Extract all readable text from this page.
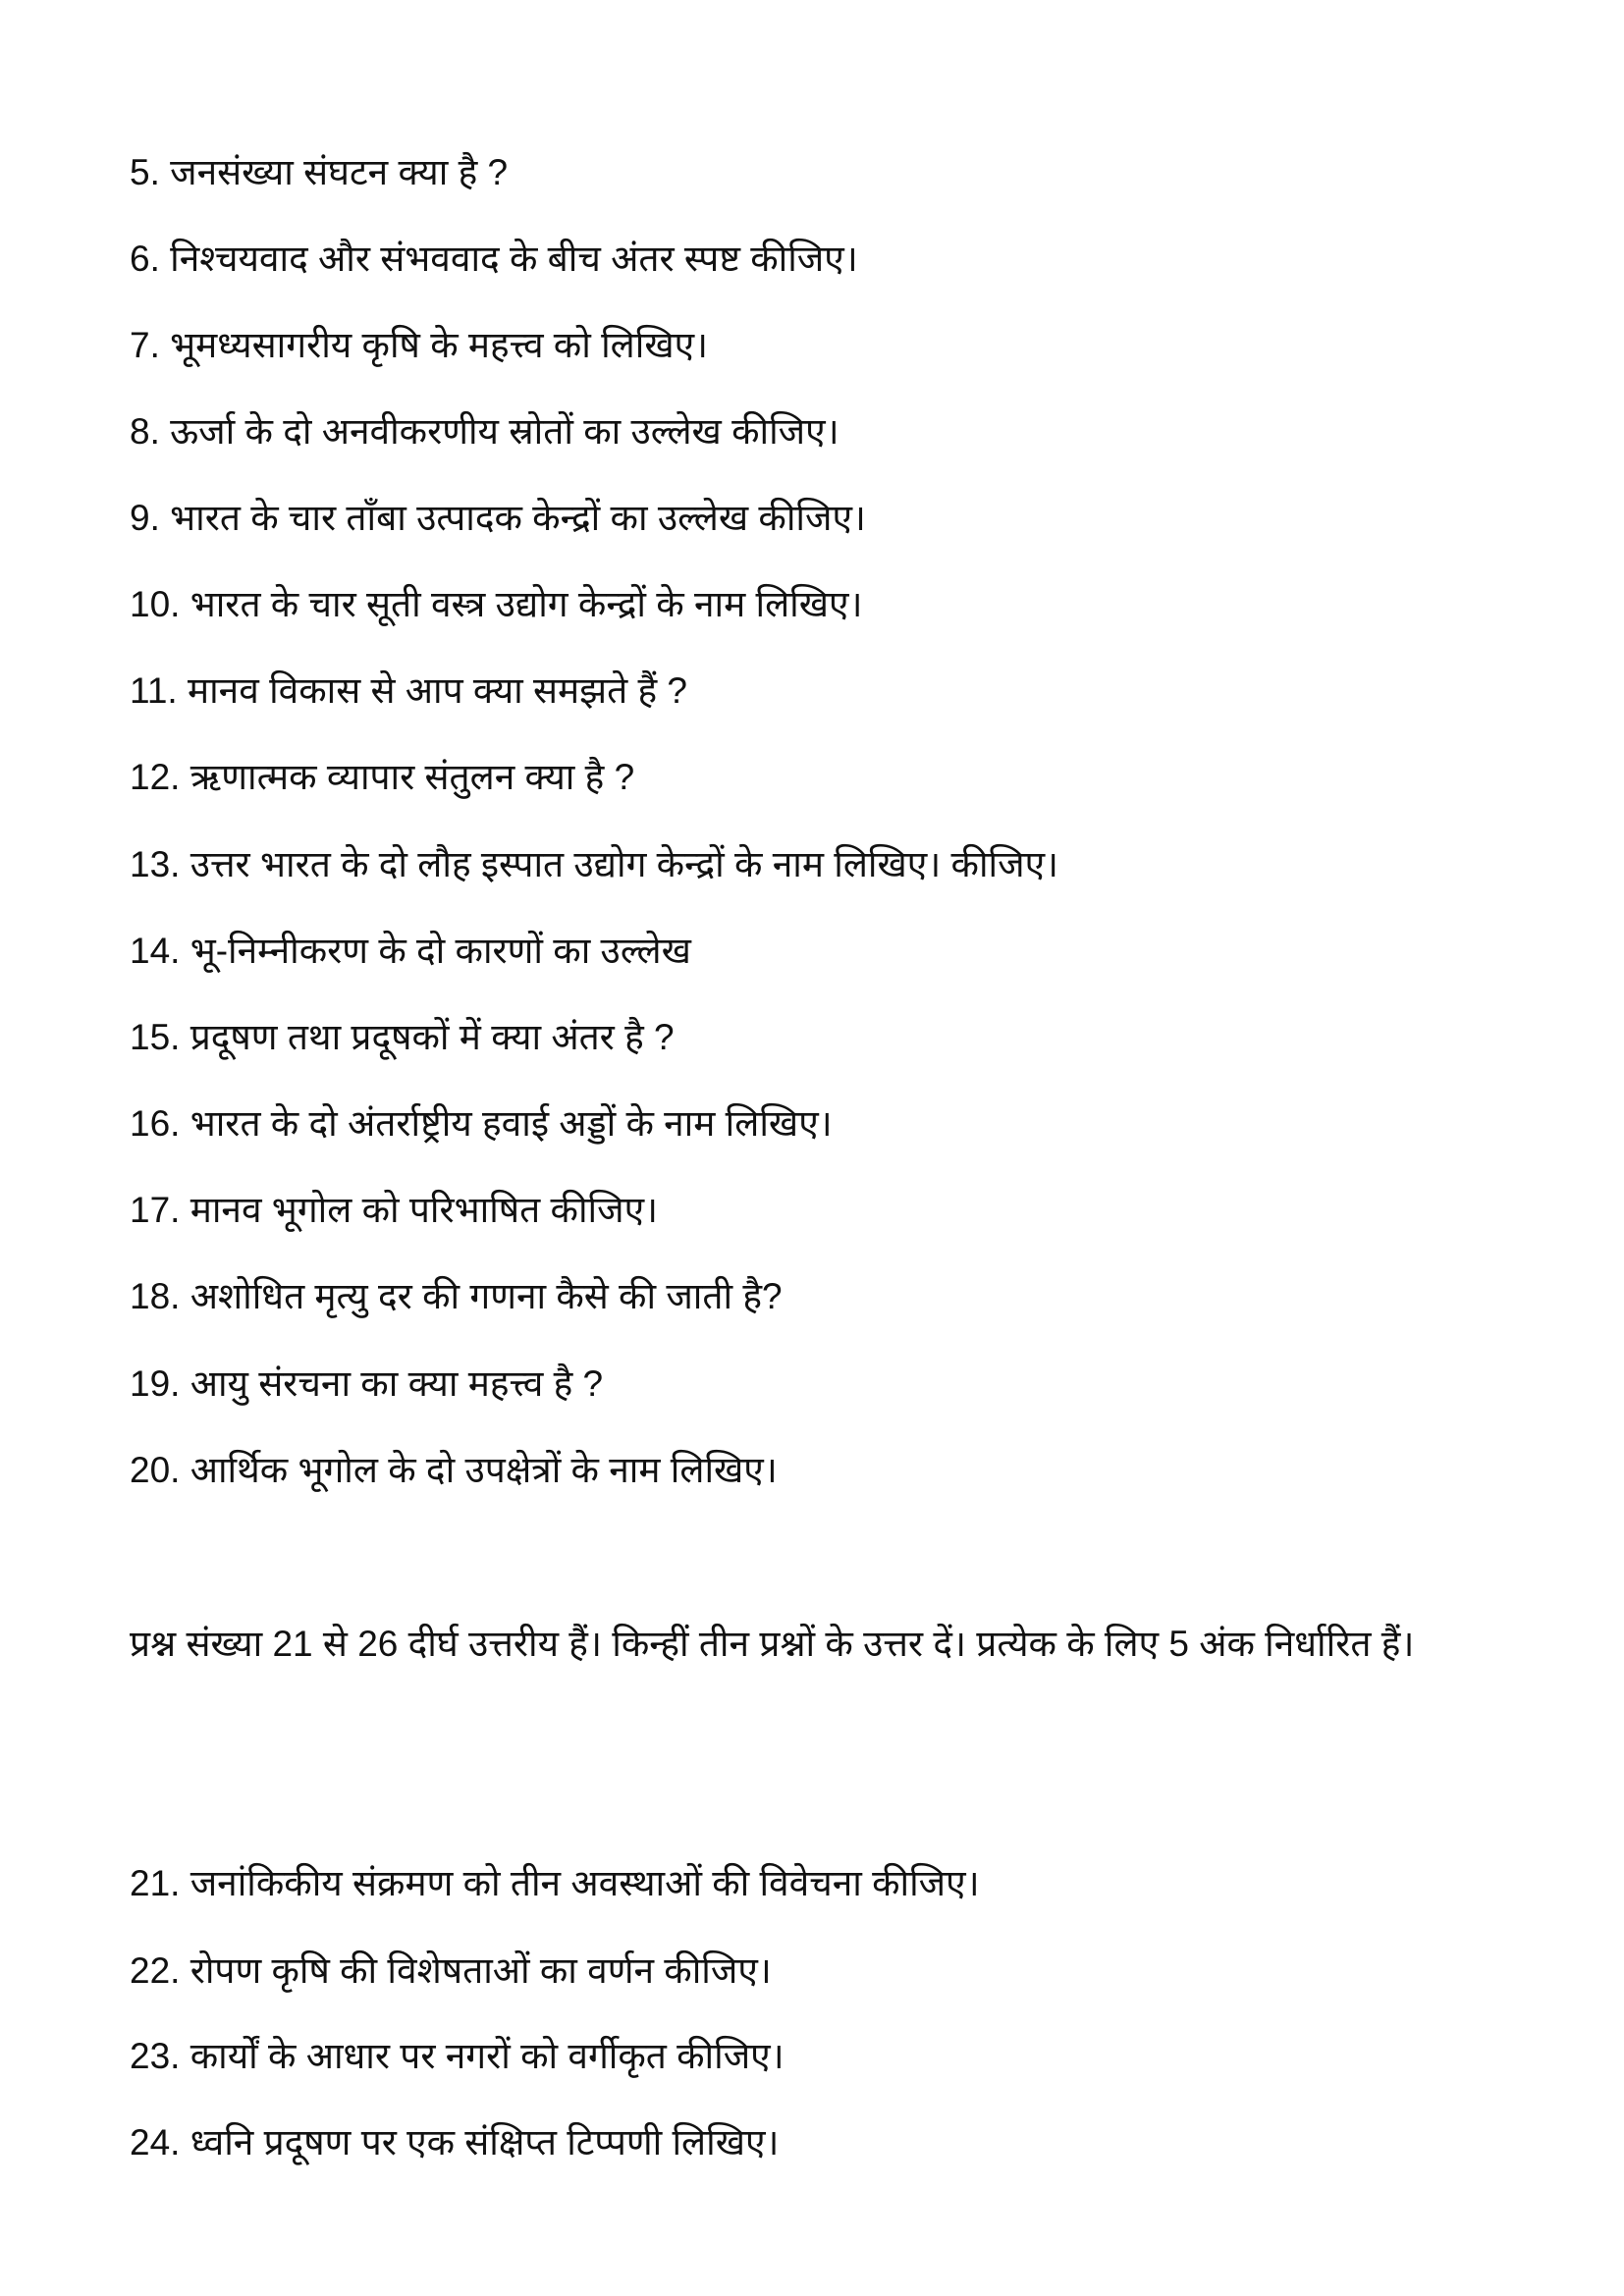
5. जनसंख्या संघटन क्या है ?
6. निश्चयवाद और संभववाद के बीच अंतर स्पष्ट कीजिए।
7. भूमध्यसागरीय कृषि के महत्त्व को लिखिए।
8. ऊर्जा के दो अनवीकरणीय स्रोतों का उल्लेख कीजिए।
9. भारत के चार ताँबा उत्पादक केन्द्रों का उल्लेख कीजिए।
10. भारत के चार सूती वस्त्र उद्योग केन्द्रों के नाम लिखिए।
11. मानव विकास से आप क्या समझते हैं ?
12. ऋणात्मक व्यापार संतुलन क्या है ?
13. उत्तर भारत के दो लौह इस्पात उद्योग केन्द्रों के नाम लिखिए। कीजिए।
14. भू-निम्नीकरण के दो कारणों का उल्लेख
15. प्रदूषण तथा प्रदूषकों में क्या अंतर है ?
16. भारत के दो अंतर्राष्ट्रीय हवाई अड्डों के नाम लिखिए।
17. मानव भूगोल को परिभाषित कीजिए।
18. अशोधित मृत्यु दर की गणना कैसे की जाती है?
19. आयु संरचना का क्या महत्त्व है ?
20. आर्थिक भूगोल के दो उपक्षेत्रों के नाम लिखिए।
प्रश्न संख्या 21 से 26 दीर्घ उत्तरीय हैं। किन्हीं तीन प्रश्नों के उत्तर दें। प्रत्येक के लिए 5 अंक निर्धारित हैं।
21. जनांकिकीय संक्रमण को तीन अवस्थाओं की विवेचना कीजिए।
22. रोपण कृषि की विशेषताओं का वर्णन कीजिए।
23. कार्यों के आधार पर नगरों को वर्गीकृत कीजिए।
24. ध्वनि प्रदूषण पर एक संक्षिप्त टिप्पणी लिखिए।
